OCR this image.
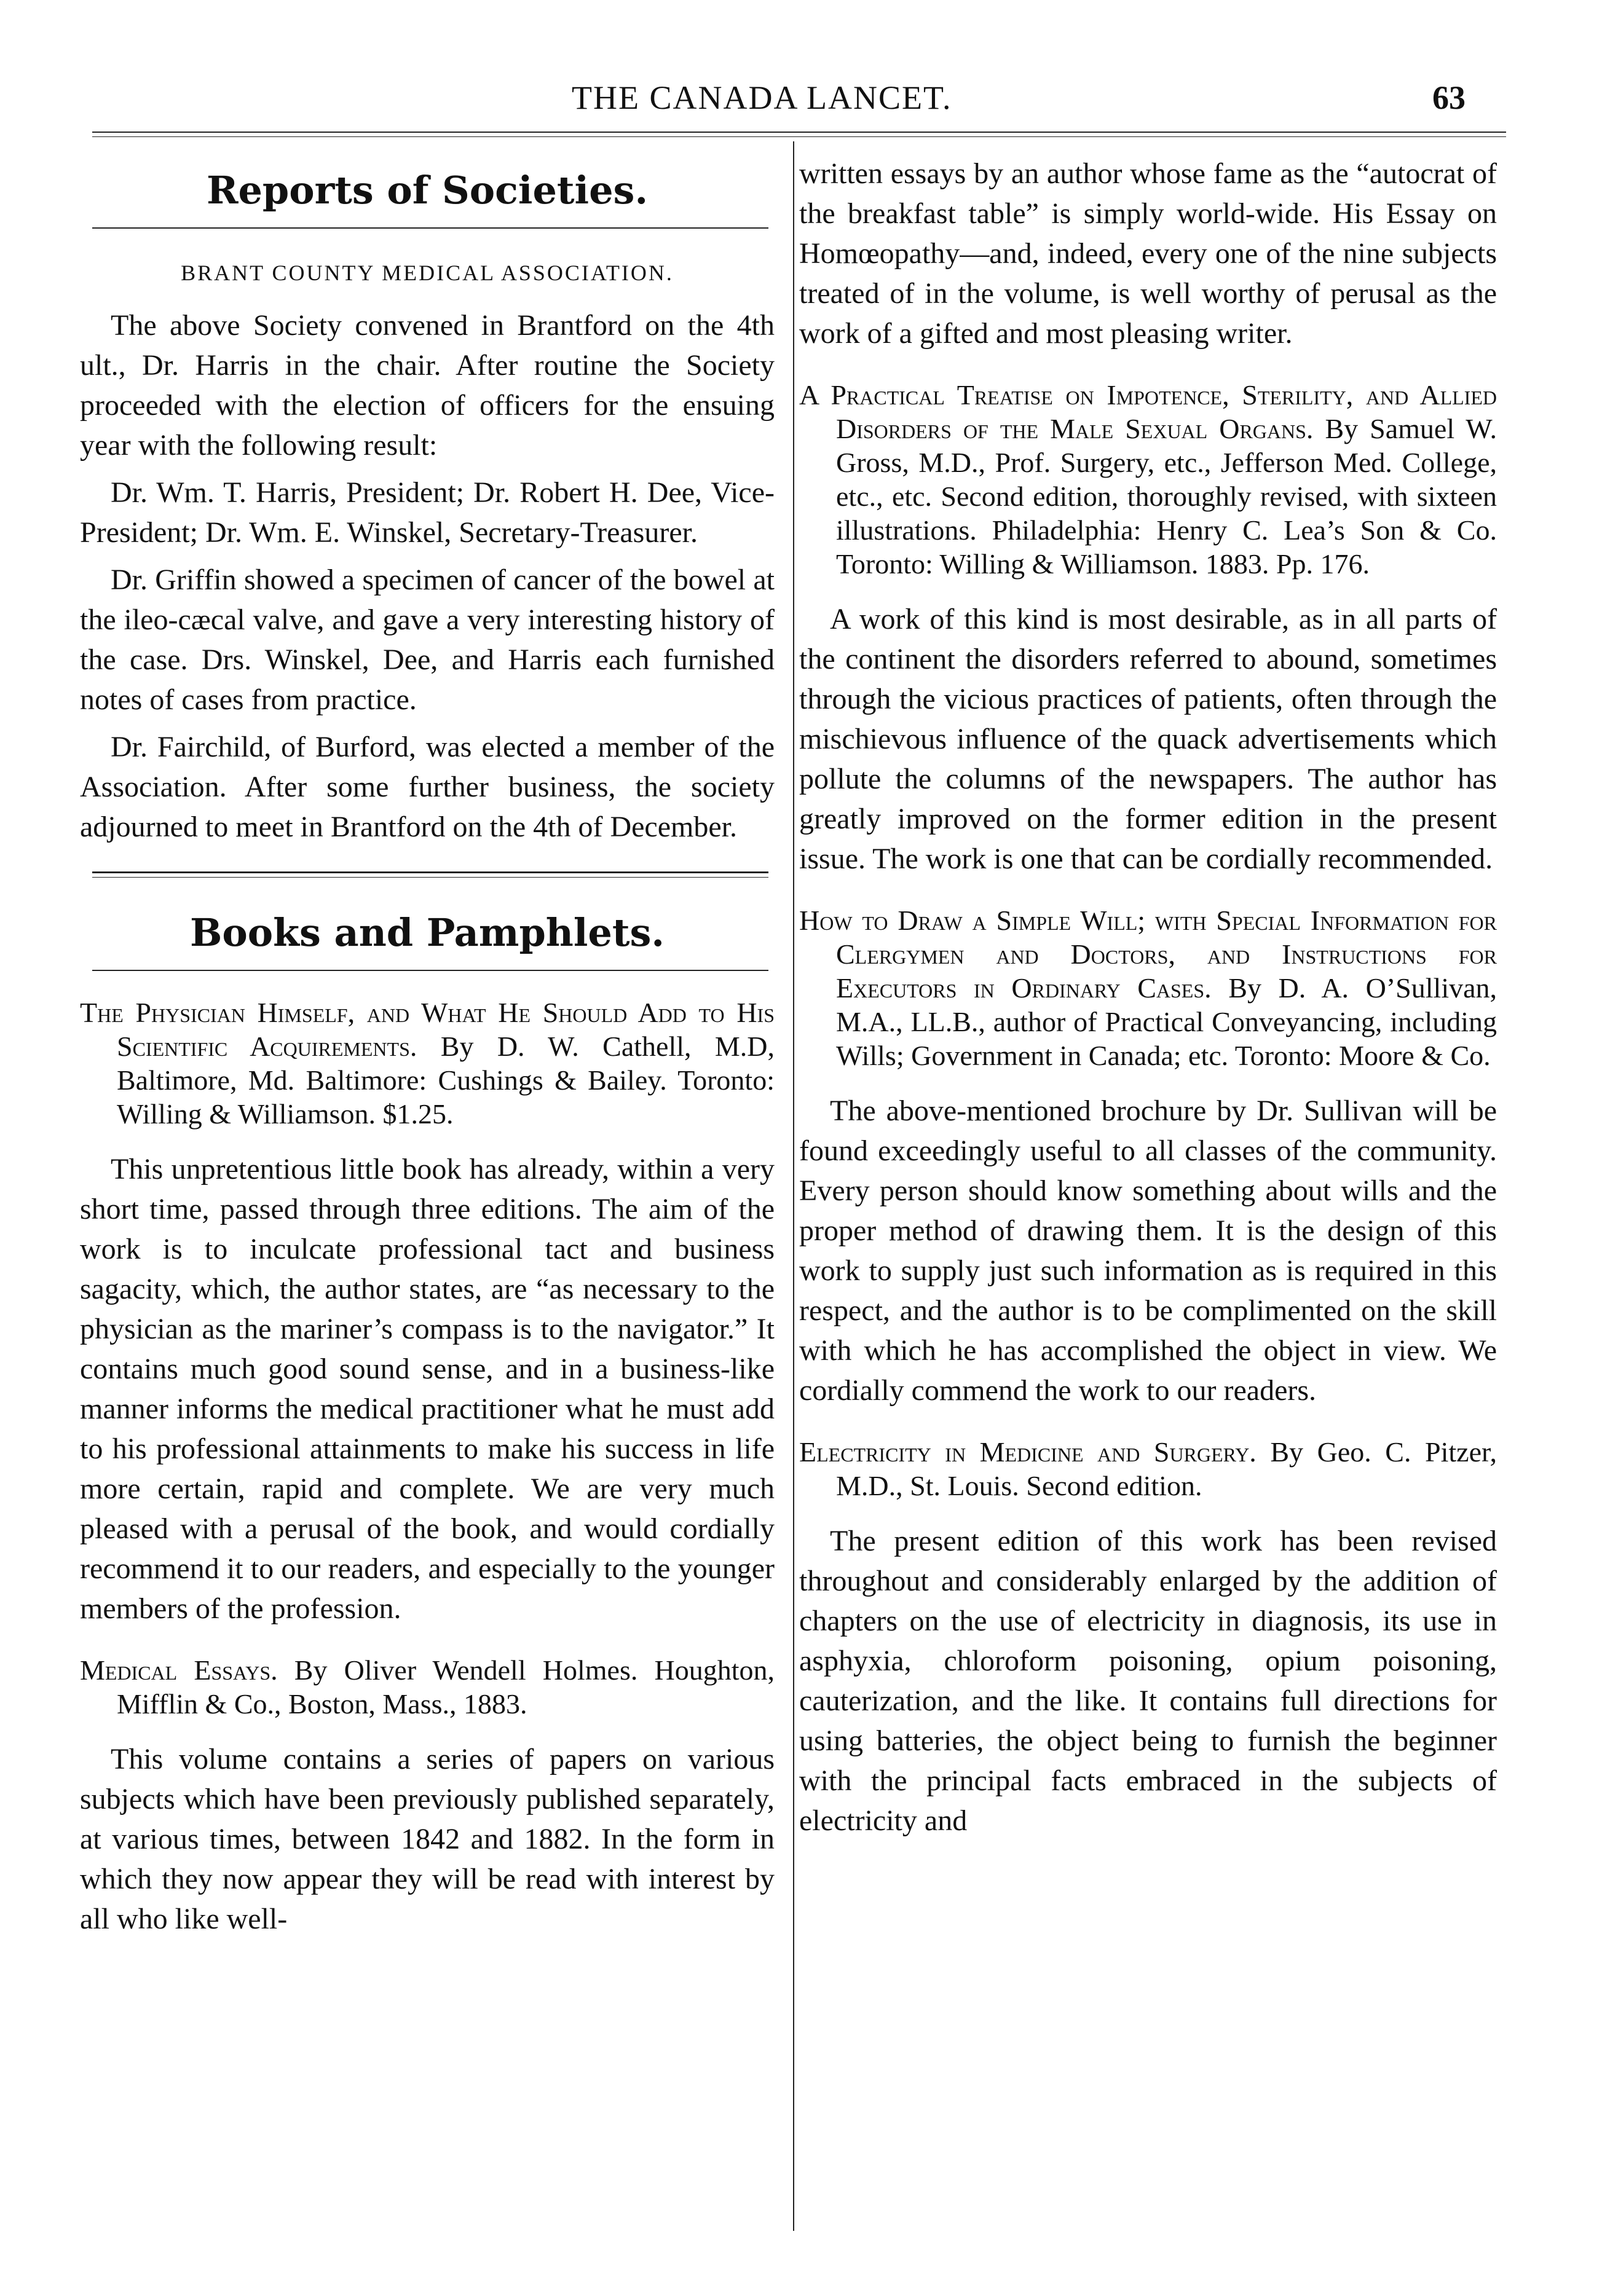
THE CANADA LANCET.	63
Reports of Societies.
BRANT COUNTY MEDICAL ASSOCIATION.

The above Society convened in Brantford on the 4th ult., Dr. Harris in the chair. After routine the Society proceeded with the election of officers for the ensuing year with the following result:

Dr. Wm. T. Harris, President; Dr. Robert H. Dee, Vice-President; Dr. Wm. E. Winskel, Secretary-Treasurer.

Dr. Griffin showed a specimen of cancer of the bowel at the ileo-cæcal valve, and gave a very interesting history of the case. Drs. Winskel, Dee, and Harris each furnished notes of cases from practice.

Dr. Fairchild, of Burford, was elected a member of the Association. After some further business, the society adjourned to meet in Brantford on the 4th of December.

Books and Pamphlets.
The Physician Himself, and What He Should Add to His Scientific Acquirements. By D. W. Cathell, M.D, Baltimore, Md. Baltimore: Cushings & Bailey. Toronto: Willing & Williamson. $1.25.

This unpretentious little book has already, within a very short time, passed through three editions. The aim of the work is to inculcate professional tact and business sagacity, which, the author states, are “as necessary to the physician as the mariner’s compass is to the navigator.” It contains much good sound sense, and in a business-like manner informs the medical practitioner what he must add to his professional attainments to make his success in life more certain, rapid and complete. We are very much pleased with a perusal of the book, and would cordially recommend it to our readers, and especially to the younger members of the profession.

Medical Essays. By Oliver Wendell Holmes. Houghton, Mifflin & Co., Boston, Mass., 1883.

This volume contains a series of papers on various subjects which have been previously published separately, at various times, between 1842 and 1882. In the form in which they now appear they will be read with interest by all who like well-

written essays by an author whose fame as the “autocrat of the breakfast table” is simply world-wide. His Essay on Homœopathy—and, indeed, every one of the nine subjects treated of in the volume, is well worthy of perusal as the work of a gifted and most pleasing writer.

A Practical Treatise on Impotence, Sterility, and Allied Disorders of the Male Sexual Organs. By Samuel W. Gross, M.D., Prof. Surgery, etc., Jefferson Med. College, etc., etc. Second edition, thoroughly revised, with sixteen illustrations. Philadelphia: Henry C. Lea’s Son & Co. Toronto: Willing & Williamson. 1883. Pp. 176.

A work of this kind is most desirable, as in all parts of the continent the disorders referred to abound, sometimes through the vicious practices of patients, often through the mischievous influence of the quack advertisements which pollute the columns of the newspapers. The author has greatly improved on the former edition in the present issue. The work is one that can be cordially recommended.

How to Draw a Simple Will; with Special Information for Clergymen and Doctors, and Instructions for Executors in Ordinary Cases. By D. A. O’Sullivan, M.A., LL.B., author of Practical Conveyancing, including Wills; Government in Canada; etc. Toronto: Moore & Co.

The above-mentioned brochure by Dr. Sullivan will be found exceedingly useful to all classes of the community. Every person should know something about wills and the proper method of drawing them. It is the design of this work to supply just such information as is required in this respect, and the author is to be complimented on the skill with which he has accomplished the object in view. We cordially commend the work to our readers.

Electricity in Medicine and Surgery. By Geo. C. Pitzer, M.D., St. Louis. Second edition.

The present edition of this work has been revised throughout and considerably enlarged by the addition of chapters on the use of electricity in diagnosis, its use in asphyxia, chloroform poisoning, opium poisoning, cauterization, and the like. It contains full directions for using batteries, the object being to furnish the beginner with the principal facts embraced in the subjects of electricity and
